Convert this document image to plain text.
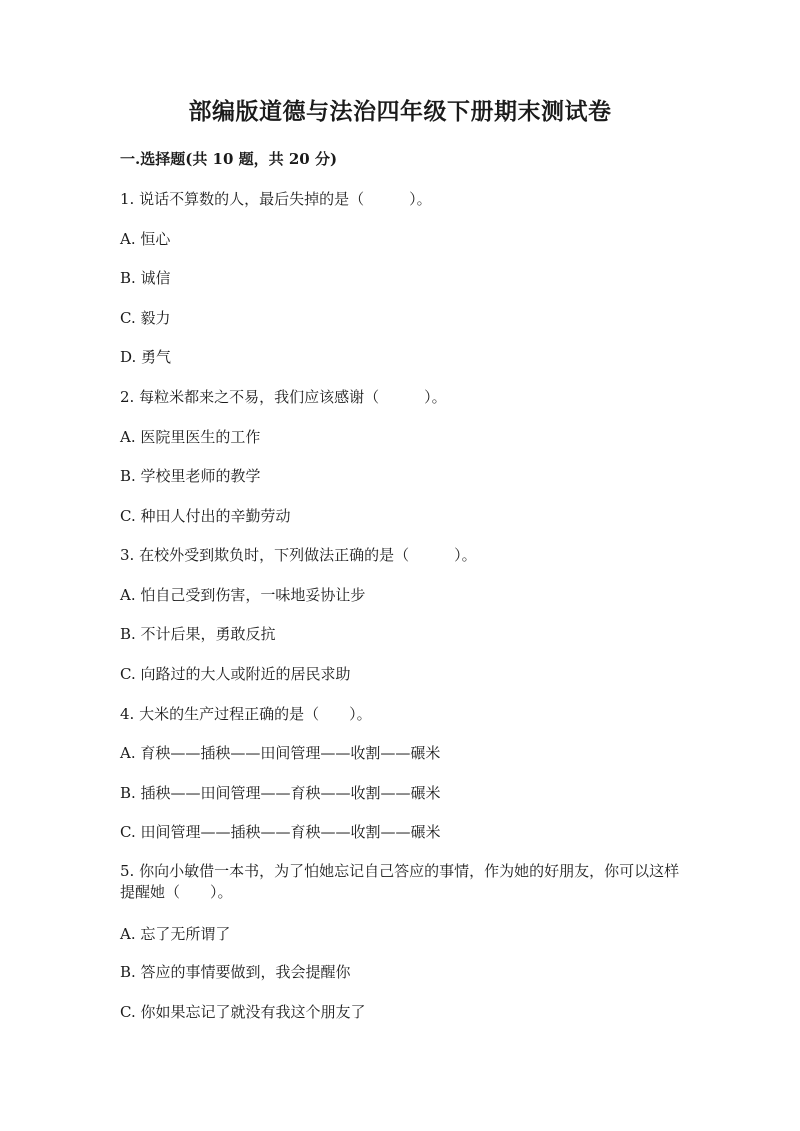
部编版道德与法治四年级下册期末测试卷
一.选择题(共 10 题，共 20 分)
1. 说话不算数的人，最后失掉的是（　　　）。
A. 恒心
B. 诚信
C. 毅力
D. 勇气
2. 每粒米都来之不易，我们应该感谢（　　　）。
A. 医院里医生的工作
B. 学校里老师的教学
C. 种田人付出的辛勤劳动
3. 在校外受到欺负时，下列做法正确的是（　　　）。
A. 怕自己受到伤害，一味地妥协让步
B. 不计后果，勇敢反抗
C. 向路过的大人或附近的居民求助
4. 大米的生产过程正确的是（　　）。
A. 育秧——插秧——田间管理——收割——碾米
B. 插秧——田间管理——育秧——收割——碾米
C. 田间管理——插秧——育秧——收割——碾米
5. 你向小敏借一本书，为了怕她忘记自己答应的事情，作为她的好朋友，你可以这样提醒她（　　）。
A. 忘了无所谓了
B. 答应的事情要做到，我会提醒你
C. 你如果忘记了就没有我这个朋友了
